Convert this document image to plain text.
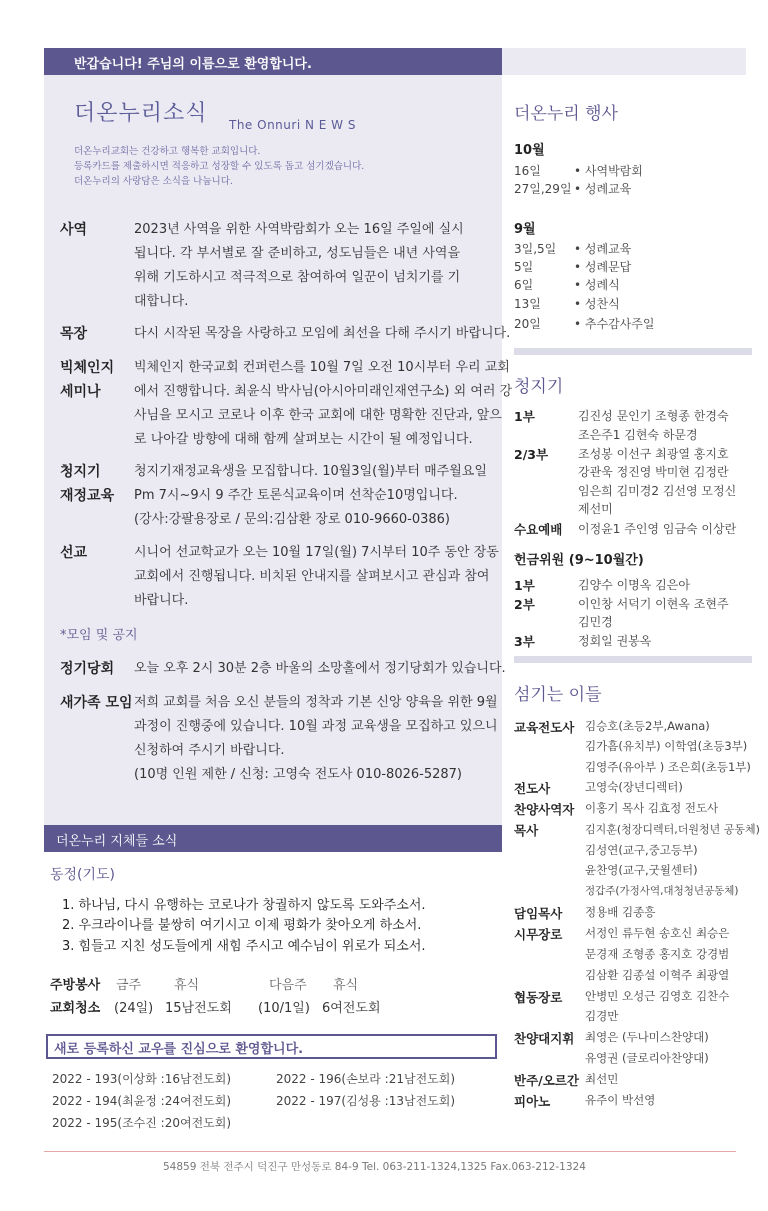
반갑습니다! 주님의 이름으로 환영합니다.
더온누리소식 The Onnuri N E W S
더온누리교회는 건강하고 행복한 교회입니다.
등록카드를 제출하시면 적응하고 성장할 수 있도록 돕고 섬기겠습니다.
더온누리의 사랑담은 소식을 나눕니다.
사역	2023년 사역을 위한 사역박람회가 오는 16일 주일에 실시
됩니다. 각 부서별로 잘 준비하고, 성도님들은 내년 사역을
위해 기도하시고 적극적으로 참여하여 일꾼이 넘치기를 기
대합니다.
목장	다시 시작된 목장을 사랑하고 모임에 최선을 다해 주시기 바랍니다.
빅체인지
세미나
빅체인지 한국교회 컨퍼런스를 10월 7일 오전 10시부터 우리 교회
에서 진행합니다. 최윤식 박사님(아시아미래인재연구소) 외 여러 강
사님을 모시고 코로나 이후 한국 교회에 대한 명확한 진단과, 앞으
로 나아갈 방향에 대해 함께 살펴보는 시간이 될 예정입니다.
청지기
재정교육
청지기재정교육생을 모집합니다. 10월3일(월)부터 매주월요일
Pm 7시~9시 9 주간 토론식교육이며 선착순10명입니다.
(강사:강팔용장로 / 문의:김삼환 장로 010-9660-0386)
선교	시니어 선교학교가 오는 10월 17일(월) 7시부터 10주 동안 장동
교회에서 진행됩니다. 비치된 안내지를 살펴보시고 관심과 참여
바랍니다.
*모임 및 공지
정기당회 오늘 오후 2시 30분 2층 바울의 소망홀에서 정기당회가 있습니다.
새가족 모임 저희 교회를 처음 오신 분들의 정착과 기본 신앙 양육을 위한 9월
과정이 진행중에 있습니다. 10월 과정 교육생을 모집하고 있으니
신청하여 주시기 바랍니다.
(10명 인원 제한 / 신청: 고영숙 전도사 010-8026-5287)
더온누리 지체들 소식
동정(기도)
1. 하나님, 다시 유행하는 코로나가 창궐하지 않도록 도와주소서.
2. 우크라이나를 불쌍히 여기시고 이제 평화가 찾아오게 하소서.
3. 힘들고 지친 성도들에게 새힘 주시고 예수님이 위로가 되소서.
주방봉사 금주	휴식	다음주 휴식
교회청소 (24일) 15남전도회 (10/1일) 6여전도회
새로 등록하신 교우를 진심으로 환영합니다.
2022 - 193(이상화 :16남전도회)
2022 - 194(최윤정 :24여전도회)
2022 - 195(조수진 :20여전도회)
2022 - 196(손보라 :21남전도회)
2022 - 197(김성용 :13남전도회)
54859 전북 전주시 덕진구 만성동로 84-9 Tel. 063-211-1324,1325 Fax.063-212-1324
더온누리 행사
10월
16일	• 사역박람회
27일,29일 • 성례교육
9월
3일,5일 • 성례교육
5일	• 성례문답
6일	• 성례식
13일	• 성찬식
20일	• 추수감사주일
청지기
1부	김진성 문인기 조형종 한경숙
조은주1 김현숙 하문경
2/3부 조성봉 이선구 최광열 홍지호
강관욱 정진영 박미현 김정란
임은희 김미경2 김선영 모정신
제선미
수요예배 이정윤1 주인영 임금숙 이상란
헌금위원 (9~10월간)
1부	김양수 이명옥 김은아
2부	이인창 서덕기 이현옥 조현주
김민경
3부	정회일 권봉옥
섬기는 이들
교육전도사 김승호(초등2부,Awana)
김가흠(유치부) 이학엽(초등3부)
김영주(유아부 ) 조은희(초등1부)
전도사	고영숙(장년디렉터)
찬양사역자 이홍기 목사 김효정 전도사
목사	김지훈(청장디렉터,더원청년 공동체)
김성연(교구,중고등부)
윤찬영(교구,굿윌센터)
정갑주(가정사역,대청청년공동체)
담임목사 정용배 김종흥
시무장로 서정인 류두현 송호신 최승은
문경재 조형종 홍지호 강경범
김삼환 김종설 이혁주 최광열
협동장로 안병민 오성근 김영호 김찬수
김경만
찬양대지휘 최영은 (두나미스찬양대)
유영권 (글로리아찬양대)
반주/오르간 최선민
피아노	유주이 박선영
